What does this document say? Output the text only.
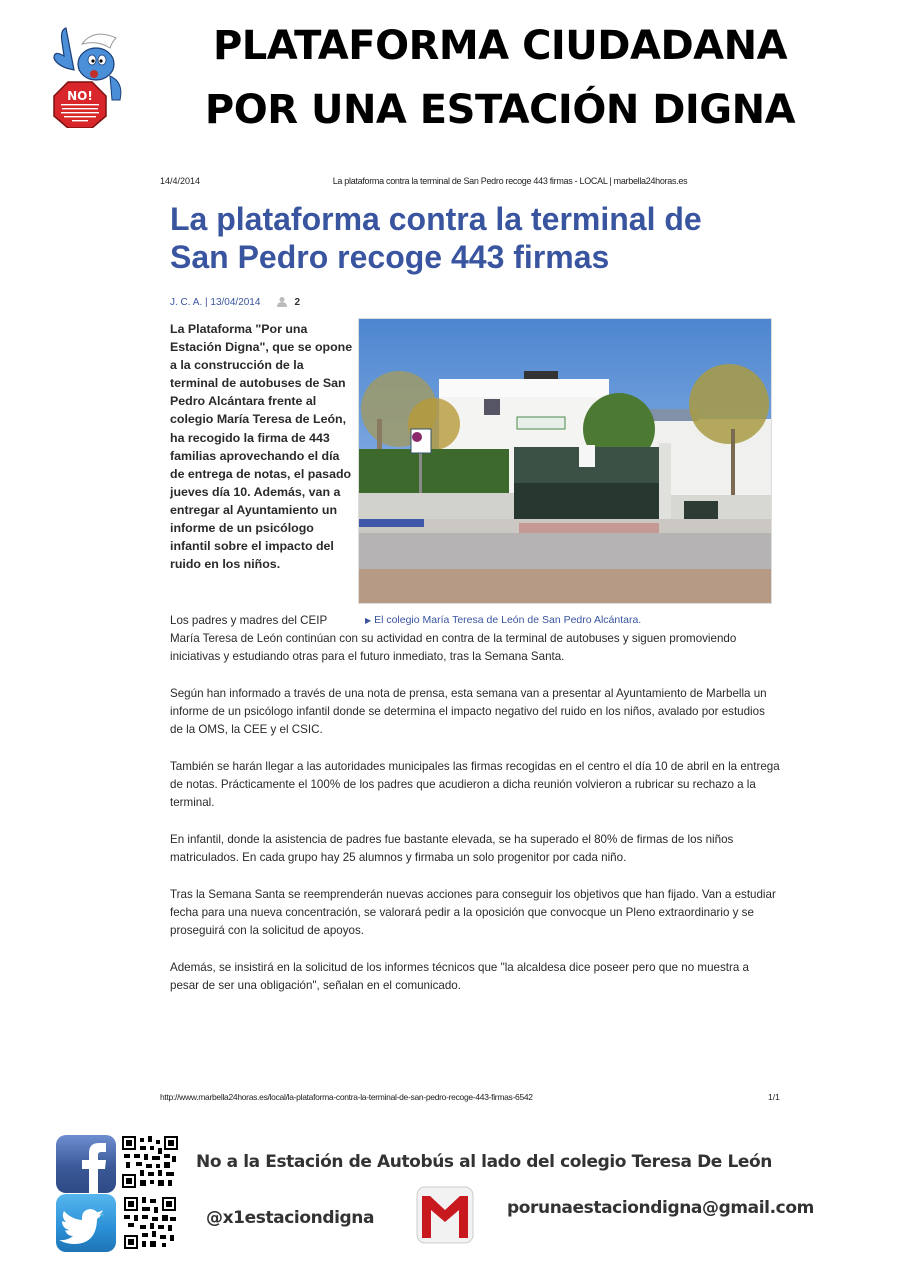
NO!
PLATAFORMA CIUDADANA
POR UNA ESTACIÓN DIGNA
14/4/2014	La plataforma contra la terminal de San Pedro recoge 443 firmas - LOCAL | marbella24horas.es
La plataforma contra la terminal de
San Pedro recoge 443 firmas
J. C. A. | 13/04/2014	2
La Plataforma "Por una Estación Digna", que se opone a la construcción de la terminal de autobuses de San Pedro Alcántara frente al colegio María Teresa de León, ha recogido la firma de 443 familias aprovechando el día de entrega de notas, el pasado jueves día 10. Además, van a entregar al Ayuntamiento un informe de un psicólogo infantil sobre el impacto del ruido en los niños.
▶ El colegio María Teresa de León de San Pedro Alcántara.
Los padres y madres del CEIP
María Teresa de León continúan con su actividad en contra de la terminal de autobuses y siguen promoviendo iniciativas y estudiando otras para el futuro inmediato, tras la Semana Santa.
Según han informado a través de una nota de prensa, esta semana van a presentar al Ayuntamiento de Marbella un informe de un psicólogo infantil donde se determina el impacto negativo del ruido en los niños, avalado por estudios de la OMS, la CEE y el CSIC.
También se harán llegar a las autoridades municipales las firmas recogidas en el centro el día 10 de abril en la entrega de notas. Prácticamente el 100% de los padres que acudieron a dicha reunión volvieron a rubricar su rechazo a la terminal.
En infantil, donde la asistencia de padres fue bastante elevada, se ha superado el 80% de firmas de los niños matriculados. En cada grupo hay 25 alumnos y firmaba un solo progenitor por cada niño.
Tras la Semana Santa se reemprenderán nuevas acciones para conseguir los objetivos que han fijado. Van a estudiar fecha para una nueva concentración, se valorará pedir a la oposición que convocque un Pleno extraordinario y se proseguirá con la solicitud de apoyos.
Además, se insistirá en la solicitud de los informes técnicos que "la alcaldesa dice poseer pero que no muestra a pesar de ser una obligación", señalan en el comunicado.
http://www.marbella24horas.es/local/la-plataforma-contra-la-terminal-de-san-pedro-recoge-443-firmas-6542	1/1
No a la Estación de Autobús al lado del colegio Teresa De León
@x1estaciondigna	porunaestaciondigna@gmail.com
